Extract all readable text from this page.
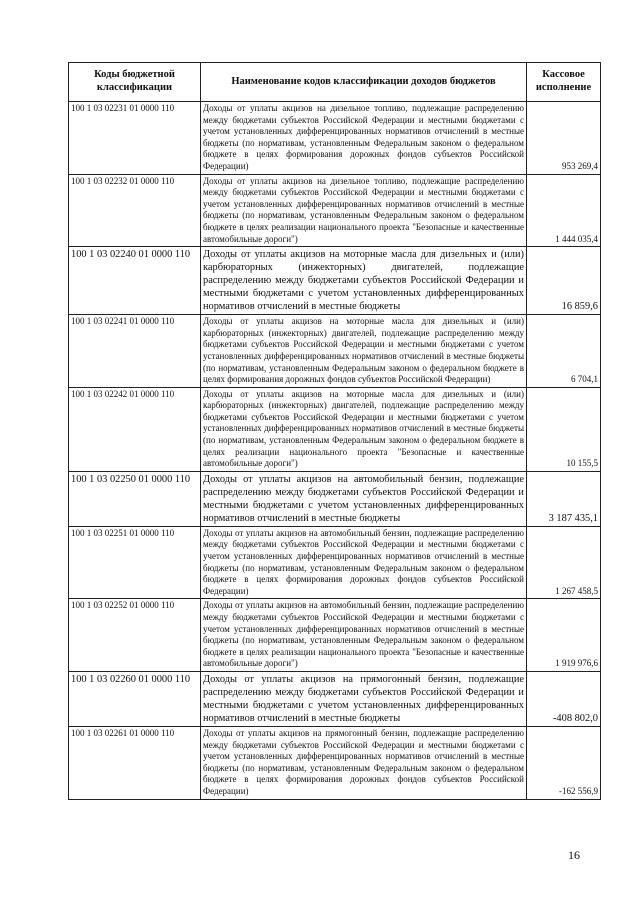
Коды бюджетной классификации	Наименование кодов классификации доходов бюджетов	Кассовое исполнение
100 1 03 02231 01 0000 110	Доходы от уплаты акцизов на дизельное топливо, подлежащие распределению между бюджетами субъектов Российской Федерации и местными бюджетами с учетом установленных дифференцированных нормативов отчислений в местные бюджеты (по нормативам, установленным Федеральным законом о федеральном бюджете в целях формирования дорожных фондов субъектов Российской Федерации)	953 269,4
100 1 03 02232 01 0000 110	Доходы от уплаты акцизов на дизельное топливо, подлежащие распределению между бюджетами субъектов Российской Федерации и местными бюджетами с учетом установленных дифференцированных нормативов отчислений в местные бюджеты (по нормативам, установленным Федеральным законом о федеральном бюджете в целях реализации национального проекта "Безопасные и качественные автомобильные дороги")	1 444 035,4
100 1 03 02240 01 0000 110	Доходы от уплаты акцизов на моторные масла для дизельных и (или) карбюраторных (инжекторных) двигателей, подлежащие распределению между бюджетами субъектов Российской Федерации и местными бюджетами с учетом установленных дифференцированных нормативов отчислений в местные бюджеты	16 859,6
100 1 03 02241 01 0000 110	Доходы от уплаты акцизов на моторные масла для дизельных и (или) карбюраторных (инжекторных) двигателей, подлежащие распределению между бюджетами субъектов Российской Федерации и местными бюджетами с учетом установленных дифференцированных нормативов отчислений в местные бюджеты (по нормативам, установленным Федеральным законом о федеральном бюджете в целях формирования дорожных фондов субъектов Российской Федерации)	6 704,1
100 1 03 02242 01 0000 110	Доходы от уплаты акцизов на моторные масла для дизельных и (или) карбюраторных (инжекторных) двигателей, подлежащие распределению между бюджетами субъектов Российской Федерации и местными бюджетами с учетом установленных дифференцированных нормативов отчислений в местные бюджеты (по нормативам, установленным Федеральным законом о федеральном бюджете в целях реализации национального проекта "Безопасные и качественные автомобильные дороги")	10 155,5
100 1 03 02250 01 0000 110	Доходы от уплаты акцизов на автомобильный бензин, подлежащие распределению между бюджетами субъектов Российской Федерации и местными бюджетами с учетом установленных дифференцированных нормативов отчислений в местные бюджеты	3 187 435,1
100 1 03 02251 01 0000 110	Доходы от уплаты акцизов на автомобильный бензин, подлежащие распределению между бюджетами субъектов Российской Федерации и местными бюджетами с учетом установленных дифференцированных нормативов отчислений в местные бюджеты (по нормативам, установленным Федеральным законом о федеральном бюджете в целях формирования дорожных фондов субъектов Российской Федерации)	1 267 458,5
100 1 03 02252 01 0000 110	Доходы от уплаты акцизов на автомобильный бензин, подлежащие распределению между бюджетами субъектов Российской Федерации и местными бюджетами с учетом установленных дифференцированных нормативов отчислений в местные бюджеты (по нормативам, установленным Федеральным законом о федеральном бюджете в целях реализации национального проекта "Безопасные и качественные автомобильные дороги")	1 919 976,6
100 1 03 02260 01 0000 110	Доходы от уплаты акцизов на прямогонный бензин, подлежащие распределению между бюджетами субъектов Российской Федерации и местными бюджетами с учетом установленных дифференцированных нормативов отчислений в местные бюджеты	-408 802,0
100 1 03 02261 01 0000 110	Доходы от уплаты акцизов на прямогонный бензин, подлежащие распределению между бюджетами субъектов Российской Федерации и местными бюджетами с учетом установленных дифференцированных нормативов отчислений в местные бюджеты (по нормативам, установленным Федеральным законом о федеральном бюджете в целях формирования дорожных фондов субъектов Российской Федерации)	-162 556,9
16
